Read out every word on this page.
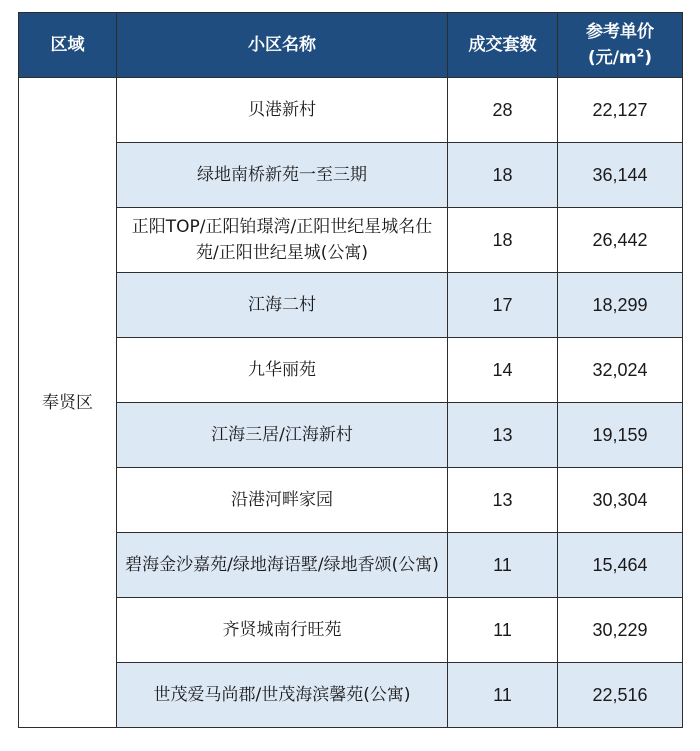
区域	小区名称	成交套数	参考单价
(元$/m^2$)

奉贤区	贝港新村	28	22,127
	绿地南桥新苑一至三期	18	36,144
	正阳TOP/正阳铂璟湾/正阳世纪星城名仕苑/正阳世纪星城(公寓)	18	26,442
	江海二村	17	18,299
	九华丽苑	14	32,024
	江海三居/江海新村	13	19,159
	沿港河畔家园	13	30,304
	碧海金沙嘉苑/绿地海语墅/绿地香颂(公寓)	11	15,464
	齐贤城南行旺苑	11	30,229
	世茂爱马尚郡/世茂海滨馨苑(公寓)	11	22,516
